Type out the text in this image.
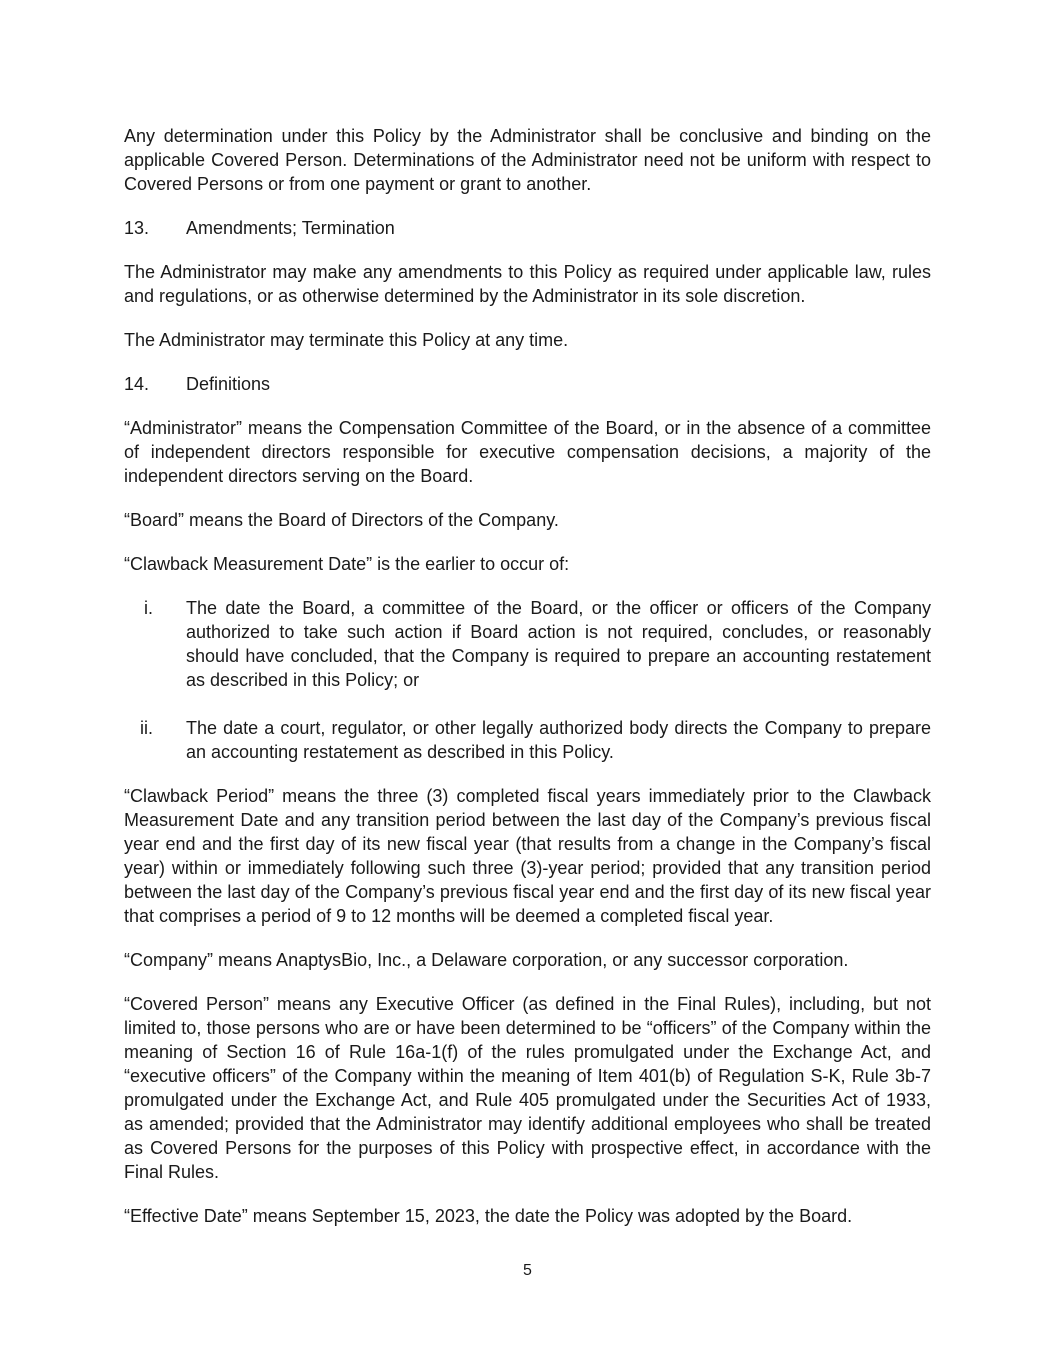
Any determination under this Policy by the Administrator shall be conclusive and binding on the applicable Covered Person. Determinations of the Administrator need not be uniform with respect to Covered Persons or from one payment or grant to another.

13.	Amendments; Termination

The Administrator may make any amendments to this Policy as required under applicable law, rules and regulations, or as otherwise determined by the Administrator in its sole discretion.

The Administrator may terminate this Policy at any time.

14.	Definitions

“Administrator” means the Compensation Committee of the Board, or in the absence of a committee of independent directors responsible for executive compensation decisions, a majority of the independent directors serving on the Board.

“Board” means the Board of Directors of the Company.

“Clawback Measurement Date” is the earlier to occur of:

i.	The date the Board, a committee of the Board, or the officer or officers of the Company authorized to take such action if Board action is not required, concludes, or reasonably should have concluded, that the Company is required to prepare an accounting restatement as described in this Policy; or
ii.	The date a court, regulator, or other legally authorized body directs the Company to prepare an accounting restatement as described in this Policy.

“Clawback Period” means the three (3) completed fiscal years immediately prior to the Clawback Measurement Date and any transition period between the last day of the Company’s previous fiscal year end and the first day of its new fiscal year (that results from a change in the Company’s fiscal year) within or immediately following such three (3)-year period; provided that any transition period between the last day of the Company’s previous fiscal year end and the first day of its new fiscal year that comprises a period of 9 to 12 months will be deemed a completed fiscal year.

“Company” means AnaptysBio, Inc., a Delaware corporation, or any successor corporation.

“Covered Person” means any Executive Officer (as defined in the Final Rules), including, but not limited to, those persons who are or have been determined to be “officers” of the Company within the meaning of Section 16 of Rule 16a-1(f) of the rules promulgated under the Exchange Act, and “executive officers” of the Company within the meaning of Item 401(b) of Regulation S-K, Rule 3b-7 promulgated under the Exchange Act, and Rule 405 promulgated under the Securities Act of 1933, as amended; provided that the Administrator may identify additional employees who shall be treated as Covered Persons for the purposes of this Policy with prospective effect, in accordance with the Final Rules.

“Effective Date” means September 15, 2023, the date the Policy was adopted by the Board.

5
